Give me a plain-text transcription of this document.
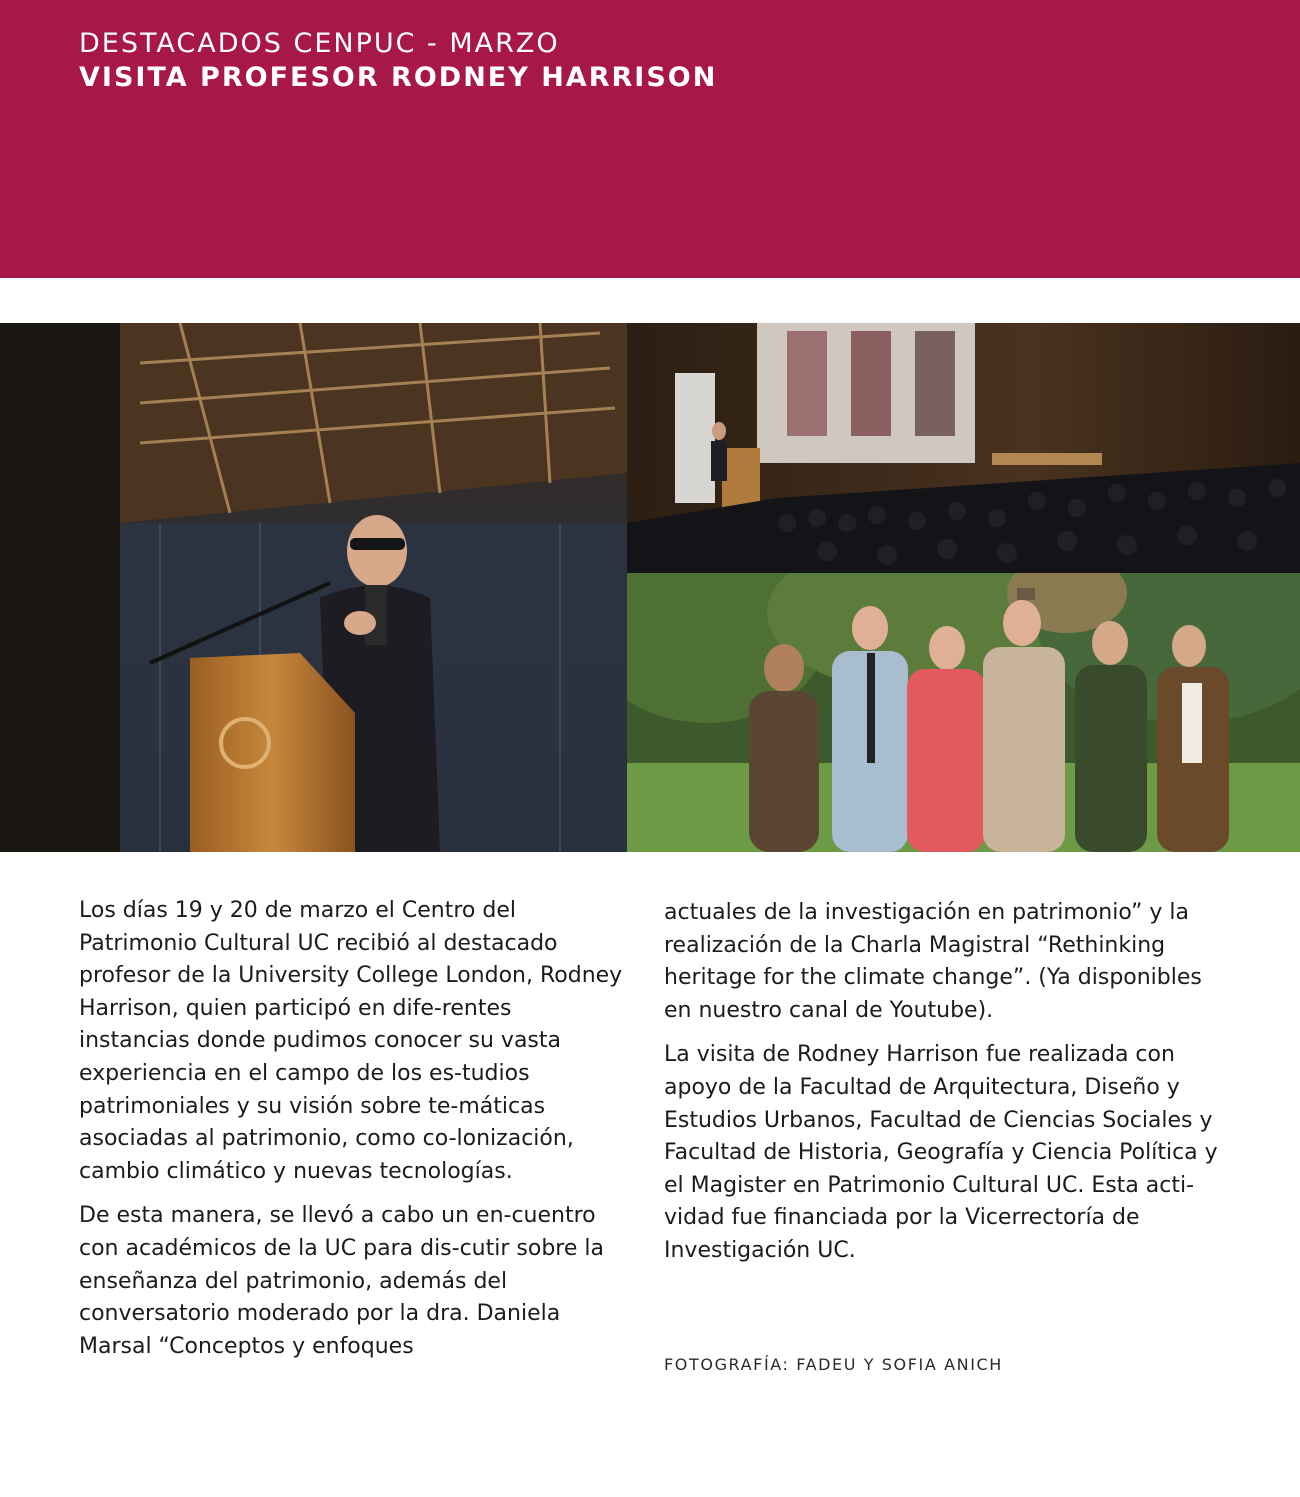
DESTACADOS CENPUC - MARZO
VISITA PROFESOR RODNEY HARRISON

Los días 19 y 20 de marzo el Centro del Patrimonio Cultural UC recibió al destacado profesor de la University College London, Rodney Harrison, quien participó en dife-rentes instancias donde pudimos conocer su vasta experiencia en el campo de los es-tudios patrimoniales y su visión sobre te-máticas asociadas al patrimonio, como co-lonización, cambio climático y nuevas tecnologías.

De esta manera, se llevó a cabo un en-cuentro con académicos de la UC para dis-cutir sobre la enseñanza del patrimonio, además del conversatorio moderado por la dra. Daniela Marsal “Conceptos y enfoques

actuales de la investigación en patrimonio” y la realización de la Charla Magistral “Rethinking heritage for the climate change”. (Ya disponibles en nuestro canal de Youtube).

La visita de Rodney Harrison fue realizada con apoyo de la Facultad de Arquitectura, Diseño y Estudios Urbanos, Facultad de Ciencias Sociales y Facultad de Historia, Geografía y Ciencia Política y el Magister en Patrimonio Cultural UC. Esta acti-vidad fue financiada por la Vicerrectoría de Investigación UC.

FOTOGRAFÍA: FADEU Y SOFIA ANICH
